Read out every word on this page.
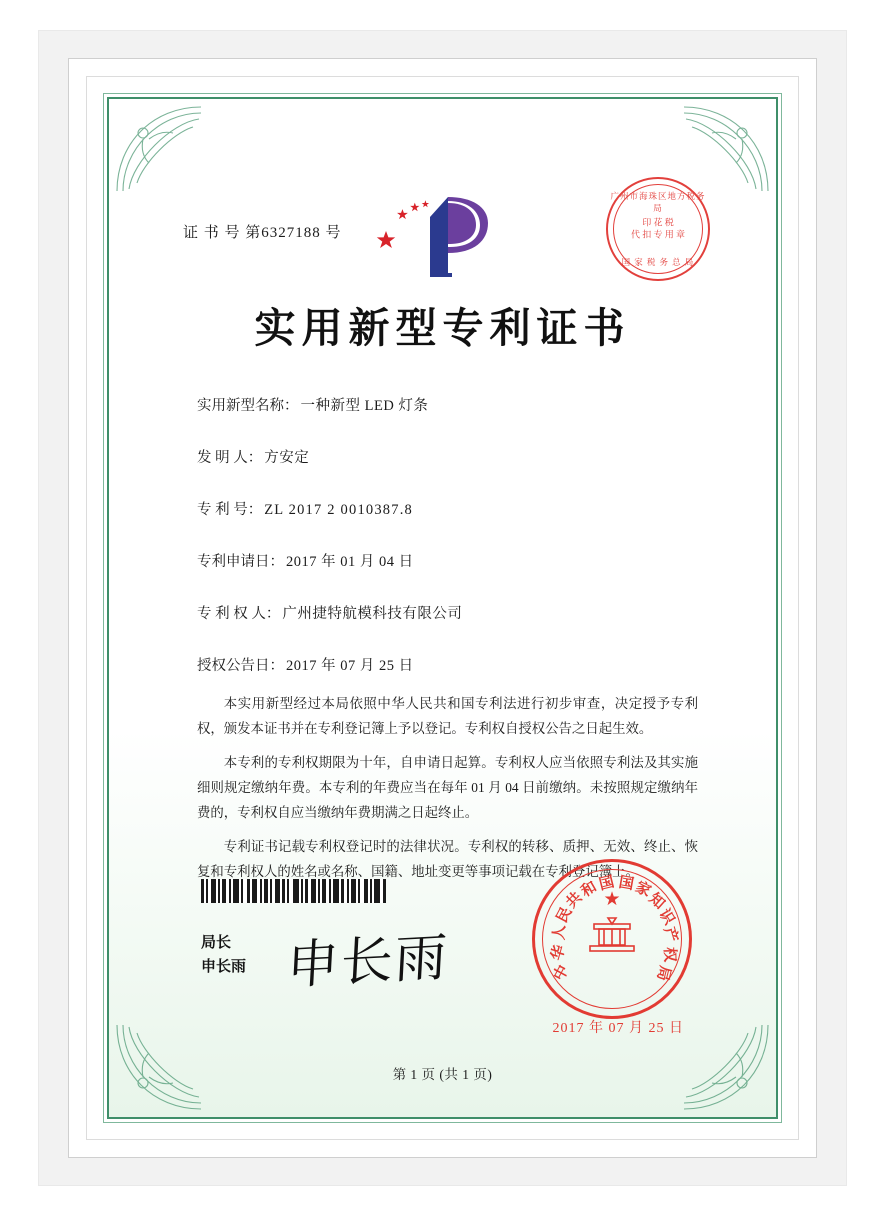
证 书 号 第6327188 号
广州市海珠区地方税务局
印 花 税
代 扣 专 用 章
国 家 税 务 总 局
实用新型专利证书
实用新型名称： 一种新型 LED 灯条
发 明 人： 方安定
专 利 号： ZL 2017 2 0010387.8
专利申请日： 2017 年 01 月 04 日
专 利 权 人： 广州捷特航模科技有限公司
授权公告日： 2017 年 07 月 25 日

本实用新型经过本局依照中华人民共和国专利法进行初步审查，决定授予专利权，颁发本证书并在专利登记簿上予以登记。专利权自授权公告之日起生效。

本专利的专利权期限为十年，自申请日起算。专利权人应当依照专利法及其实施细则规定缴纳年费。本专利的年费应当在每年 01 月 04 日前缴纳。未按照规定缴纳年费的，专利权自应当缴纳年费期满之日起终止。

专利证书记载专利权登记时的法律状况。专利权的转移、质押、无效、终止、恢复和专利权人的姓名或名称、国籍、地址变更等事项记载在专利登记簿上。

局长
申长雨 申长雨
★
中
华
人
民
共
和
国 国
家
知
识
产
权
局
2017 年 07 月 25 日
第 1 页 (共 1 页)
